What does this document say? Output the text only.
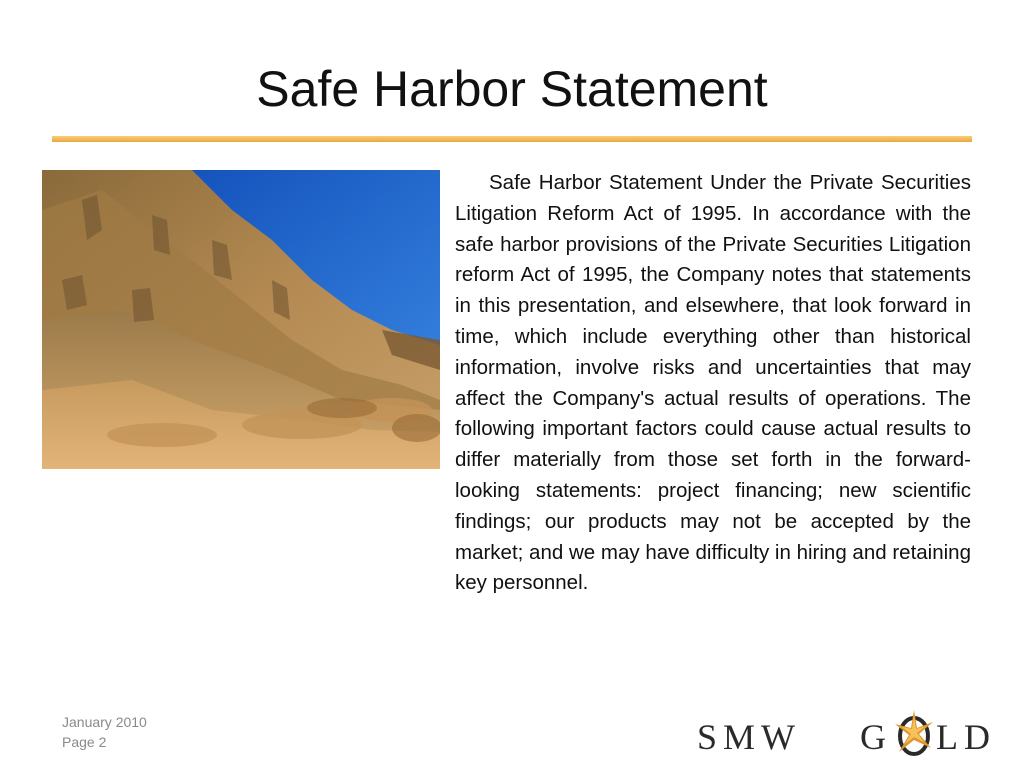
Safe Harbor Statement

Safe Harbor Statement Under the Private Securities Litigation Reform Act of 1995. In accordance with the safe harbor provisions of the Private Securities Litigation reform Act of 1995, the Company notes that statements in this presentation, and elsewhere, that look forward in time, which include everything other than historical information, involve risks and uncertainties that may affect the Company's actual results of operations. The following important factors could cause actual results to differ materially from those set forth in the forward-looking statements: project financing; new scientific findings; our products may not be accepted by the market; and we may have difficulty in hiring and retaining key personnel.

January 2010
Page 2	SMW G LD
